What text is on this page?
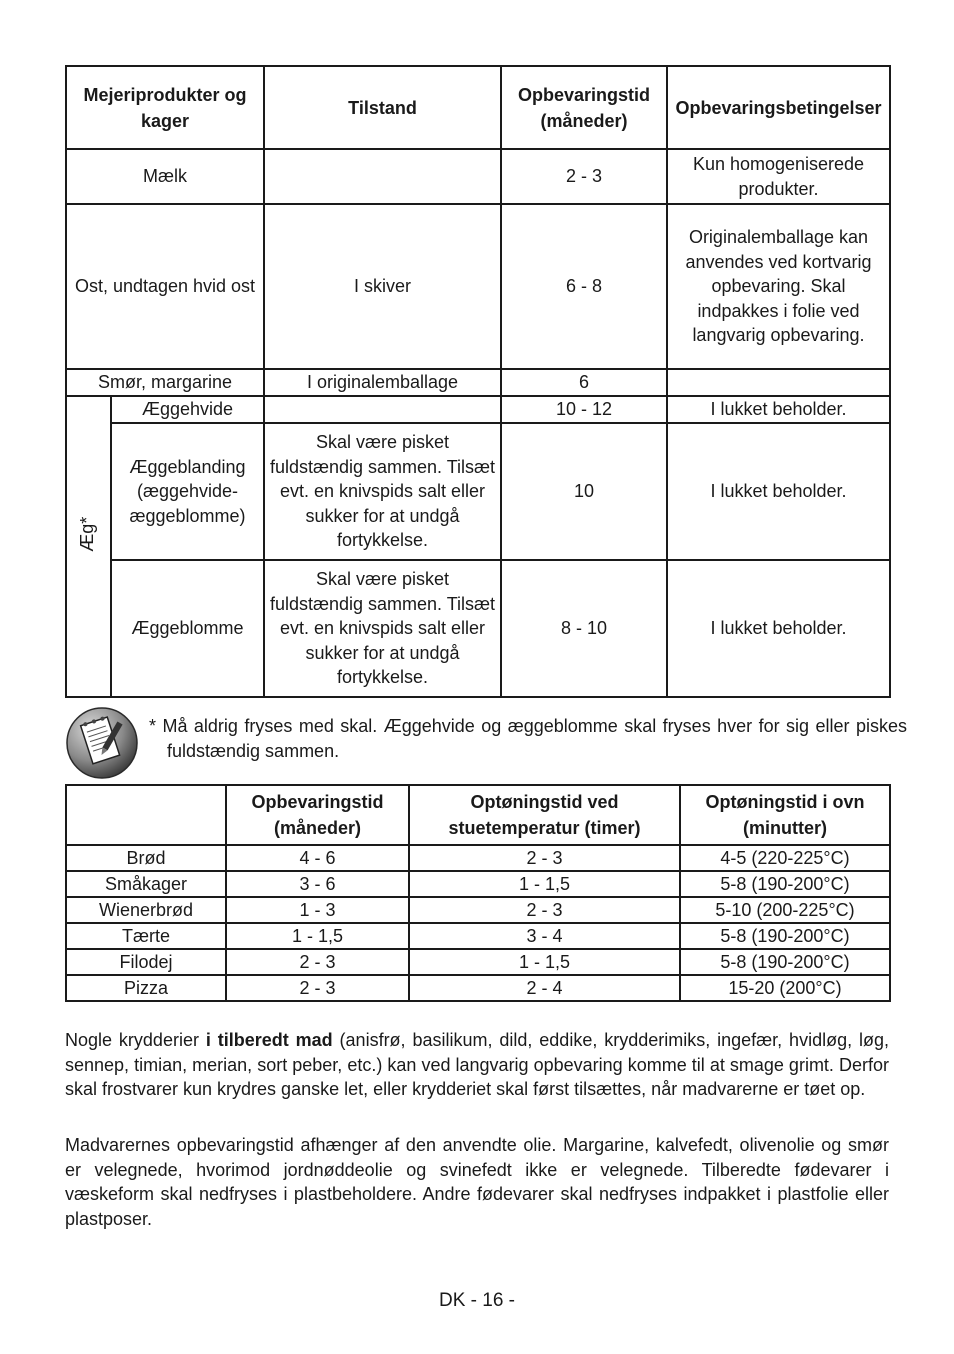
Mejeriprodukter og kager		Tilstand	Opbevaringstid (måneder)	Opbevaringsbetingelser
Mælk			2 - 3	Kun homogeniserede produkter.
Ost, undtagen hvid ost		I skiver	6 - 8	Originalemballage kan anvendes ved kortvarig opbevaring. Skal indpakkes i folie ved langvarig opbevaring.
Smør, margarine		I originalemballage	6	

Æg*	Æggehvide		10 - 12	I lukket beholder.
	Æggeblanding (æggehvide-æggeblomme)	Skal være pisket fuldstændig sammen. Tilsæt evt. en knivspids salt eller sukker for at undgå fortykkelse.	10	I lukket beholder.
	Æggeblomme	Skal være pisket fuldstændig sammen. Tilsæt evt. en knivspids salt eller sukker for at undgå fortykkelse.	8 - 10	I lukket beholder.
* Må aldrig fryses med skal. Æggehvide og æggeblomme skal fryses hver for sig eller piskes fuldstændig sammen.
	Opbevaringstid (måneder)	Optøningstid ved stuetemperatur (timer)	Optøningstid i ovn (minutter)
Brød	4 - 6	2 - 3	4-5 (220-225°C)
Småkager	3 - 6	1 - 1,5	5-8 (190-200°C)
Wienerbrød	1 - 3	2 - 3	5-10 (200-225°C)
Tærte	1 - 1,5	3 - 4	5-8 (190-200°C)
Filodej	2 - 3	1 - 1,5	5-8 (190-200°C)
Pizza	2 - 3	2 - 4	15-20 (200°C)

Nogle krydderier i tilberedt mad (anisfrø, basilikum, dild, eddike, krydderimiks, ingefær, hvidløg, løg, sennep, timian, merian, sort peber, etc.) kan ved langvarig opbevaring komme til at smage grimt. Derfor skal frostvarer kun krydres ganske let, eller krydderiet skal først tilsættes, når madvarerne er tøet op.

Madvarernes opbevaringstid afhænger af den anvendte olie. Margarine, kalvefedt, olivenolie og smør er velegnede, hvorimod jordnøddeolie og svinefedt ikke er velegnede. Tilberedte fødevarer i væskeform skal nedfryses i plastbeholdere. Andre fødevarer skal nedfryses indpakket i plastfolie eller plastposer.

DK - 16 -
